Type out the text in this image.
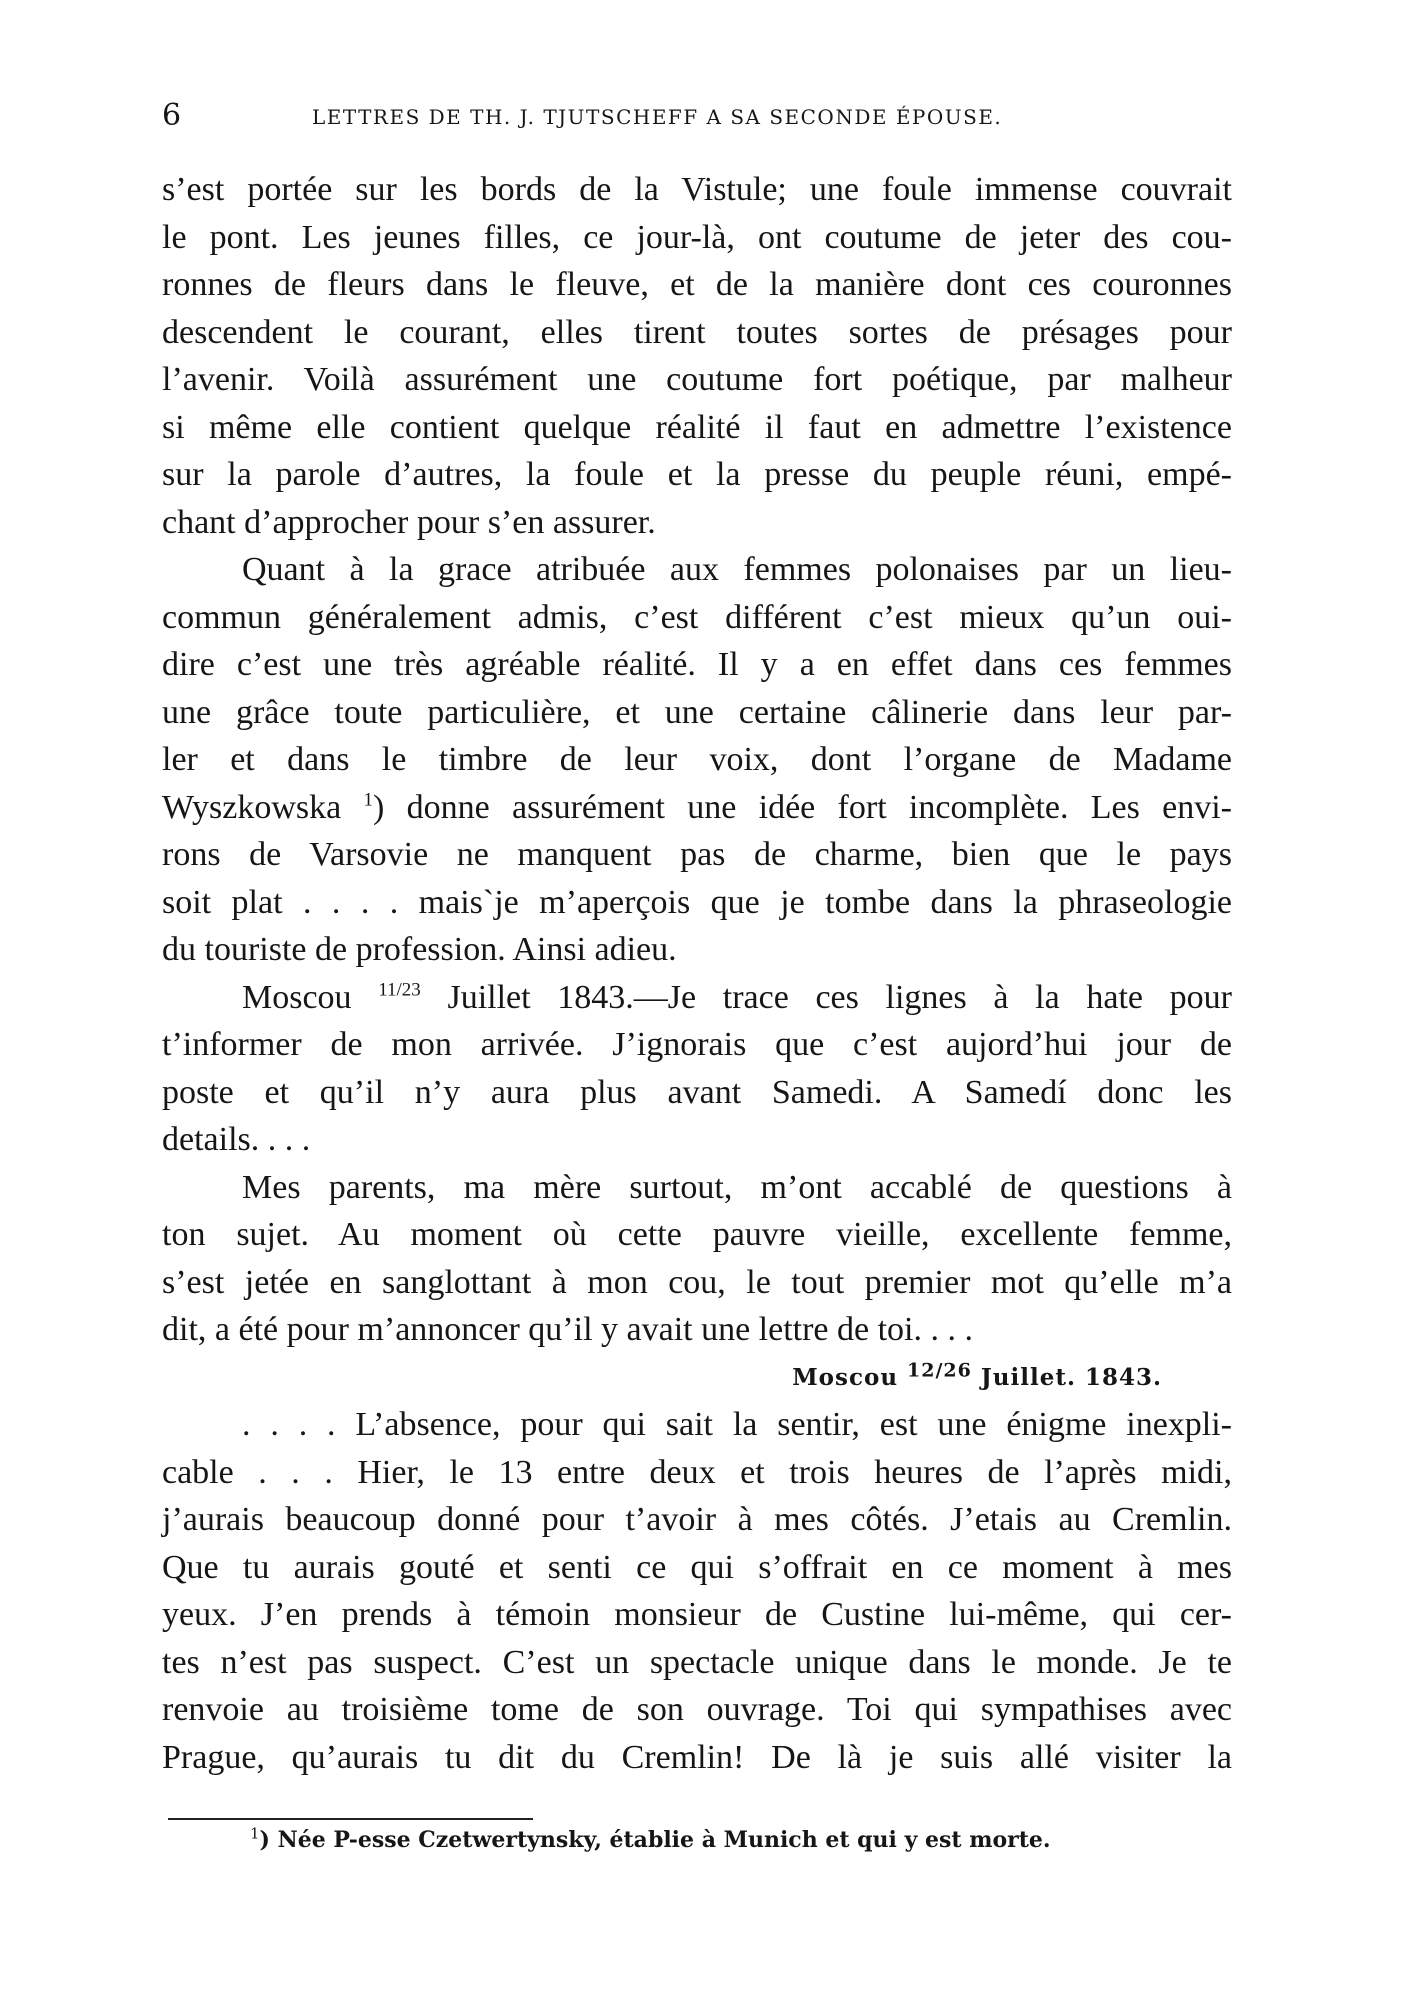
6	LETTRES DE TH. J. TJUTSCHEFF A SA SECONDE ÉPOUSE.
s’est portée sur les bords de la Vistule; une foule immense couvrait
le pont. Les jeunes filles, ce jour-là, ont coutume de jeter des cou-
ronnes de fleurs dans le fleuve, et de la manière dont ces couronnes
descendent le courant, elles tirent toutes sortes de présages pour
l’avenir. Voilà assurément une coutume fort poétique, par malheur
si même elle contient quelque réalité il faut en admettre l’existence
sur la parole d’autres, la foule et la presse du peuple réuni, empé-
chant d’approcher pour s’en assurer.
Quant à la grace atribuée aux femmes polonaises par un lieu-
commun généralement admis, c’est différent c’est mieux qu’un oui-
dire c’est une très agréable réalité. Il y a en effet dans ces femmes
une grâce toute particulière, et une certaine câlinerie dans leur par-
ler et dans le timbre de leur voix, dont l’organe de Madame
Wyszkowska $^1$) donne assurément une idée fort incomplète. Les envi-
rons de Varsovie ne manquent pas de charme, bien que le pays
soit plat . . . . mais`je m’aperçois que je tombe dans la phraseologie
du touriste de profession. Ainsi adieu.
Moscou $^{11/23}$ Juillet 1843.—Je trace ces lignes à la hate pour
t’informer de mon arrivée. J’ignorais que c’est aujord’hui jour de
poste et qu’il n’y aura plus avant Samedi. A Samedí donc les
details. . . .
Mes parents, ma mère surtout, m’ont accablé de questions à
ton sujet. Au moment où cette pauvre vieille, excellente femme,
s’est jetée en sanglottant à mon cou, le tout premier mot qu’elle m’a
dit, a été pour m’annoncer qu’il y avait une lettre de toi. . . .
Moscou $^{12/26}$ Juillet. 1843.
. . . . L’absence, pour qui sait la sentir, est une énigme inexpli-
cable . . . Hier, le 13 entre deux et trois heures de l’après midi,
j’aurais beaucoup donné pour t’avoir à mes côtés. J’etais au Cremlin.
Que tu aurais gouté et senti ce qui s’offrait en ce moment à mes
yeux. J’en prends à témoin monsieur de Custine lui-même, qui cer-
tes n’est pas suspect. C’est un spectacle unique dans le monde. Je te
renvoie au troisième tome de son ouvrage. Toi qui sympathises avec
Prague, qu’aurais tu dit du Cremlin! De là je suis allé visiter la
$^1$) Née P-esse Czetwertynsky, établie à Munich et qui y est morte.
